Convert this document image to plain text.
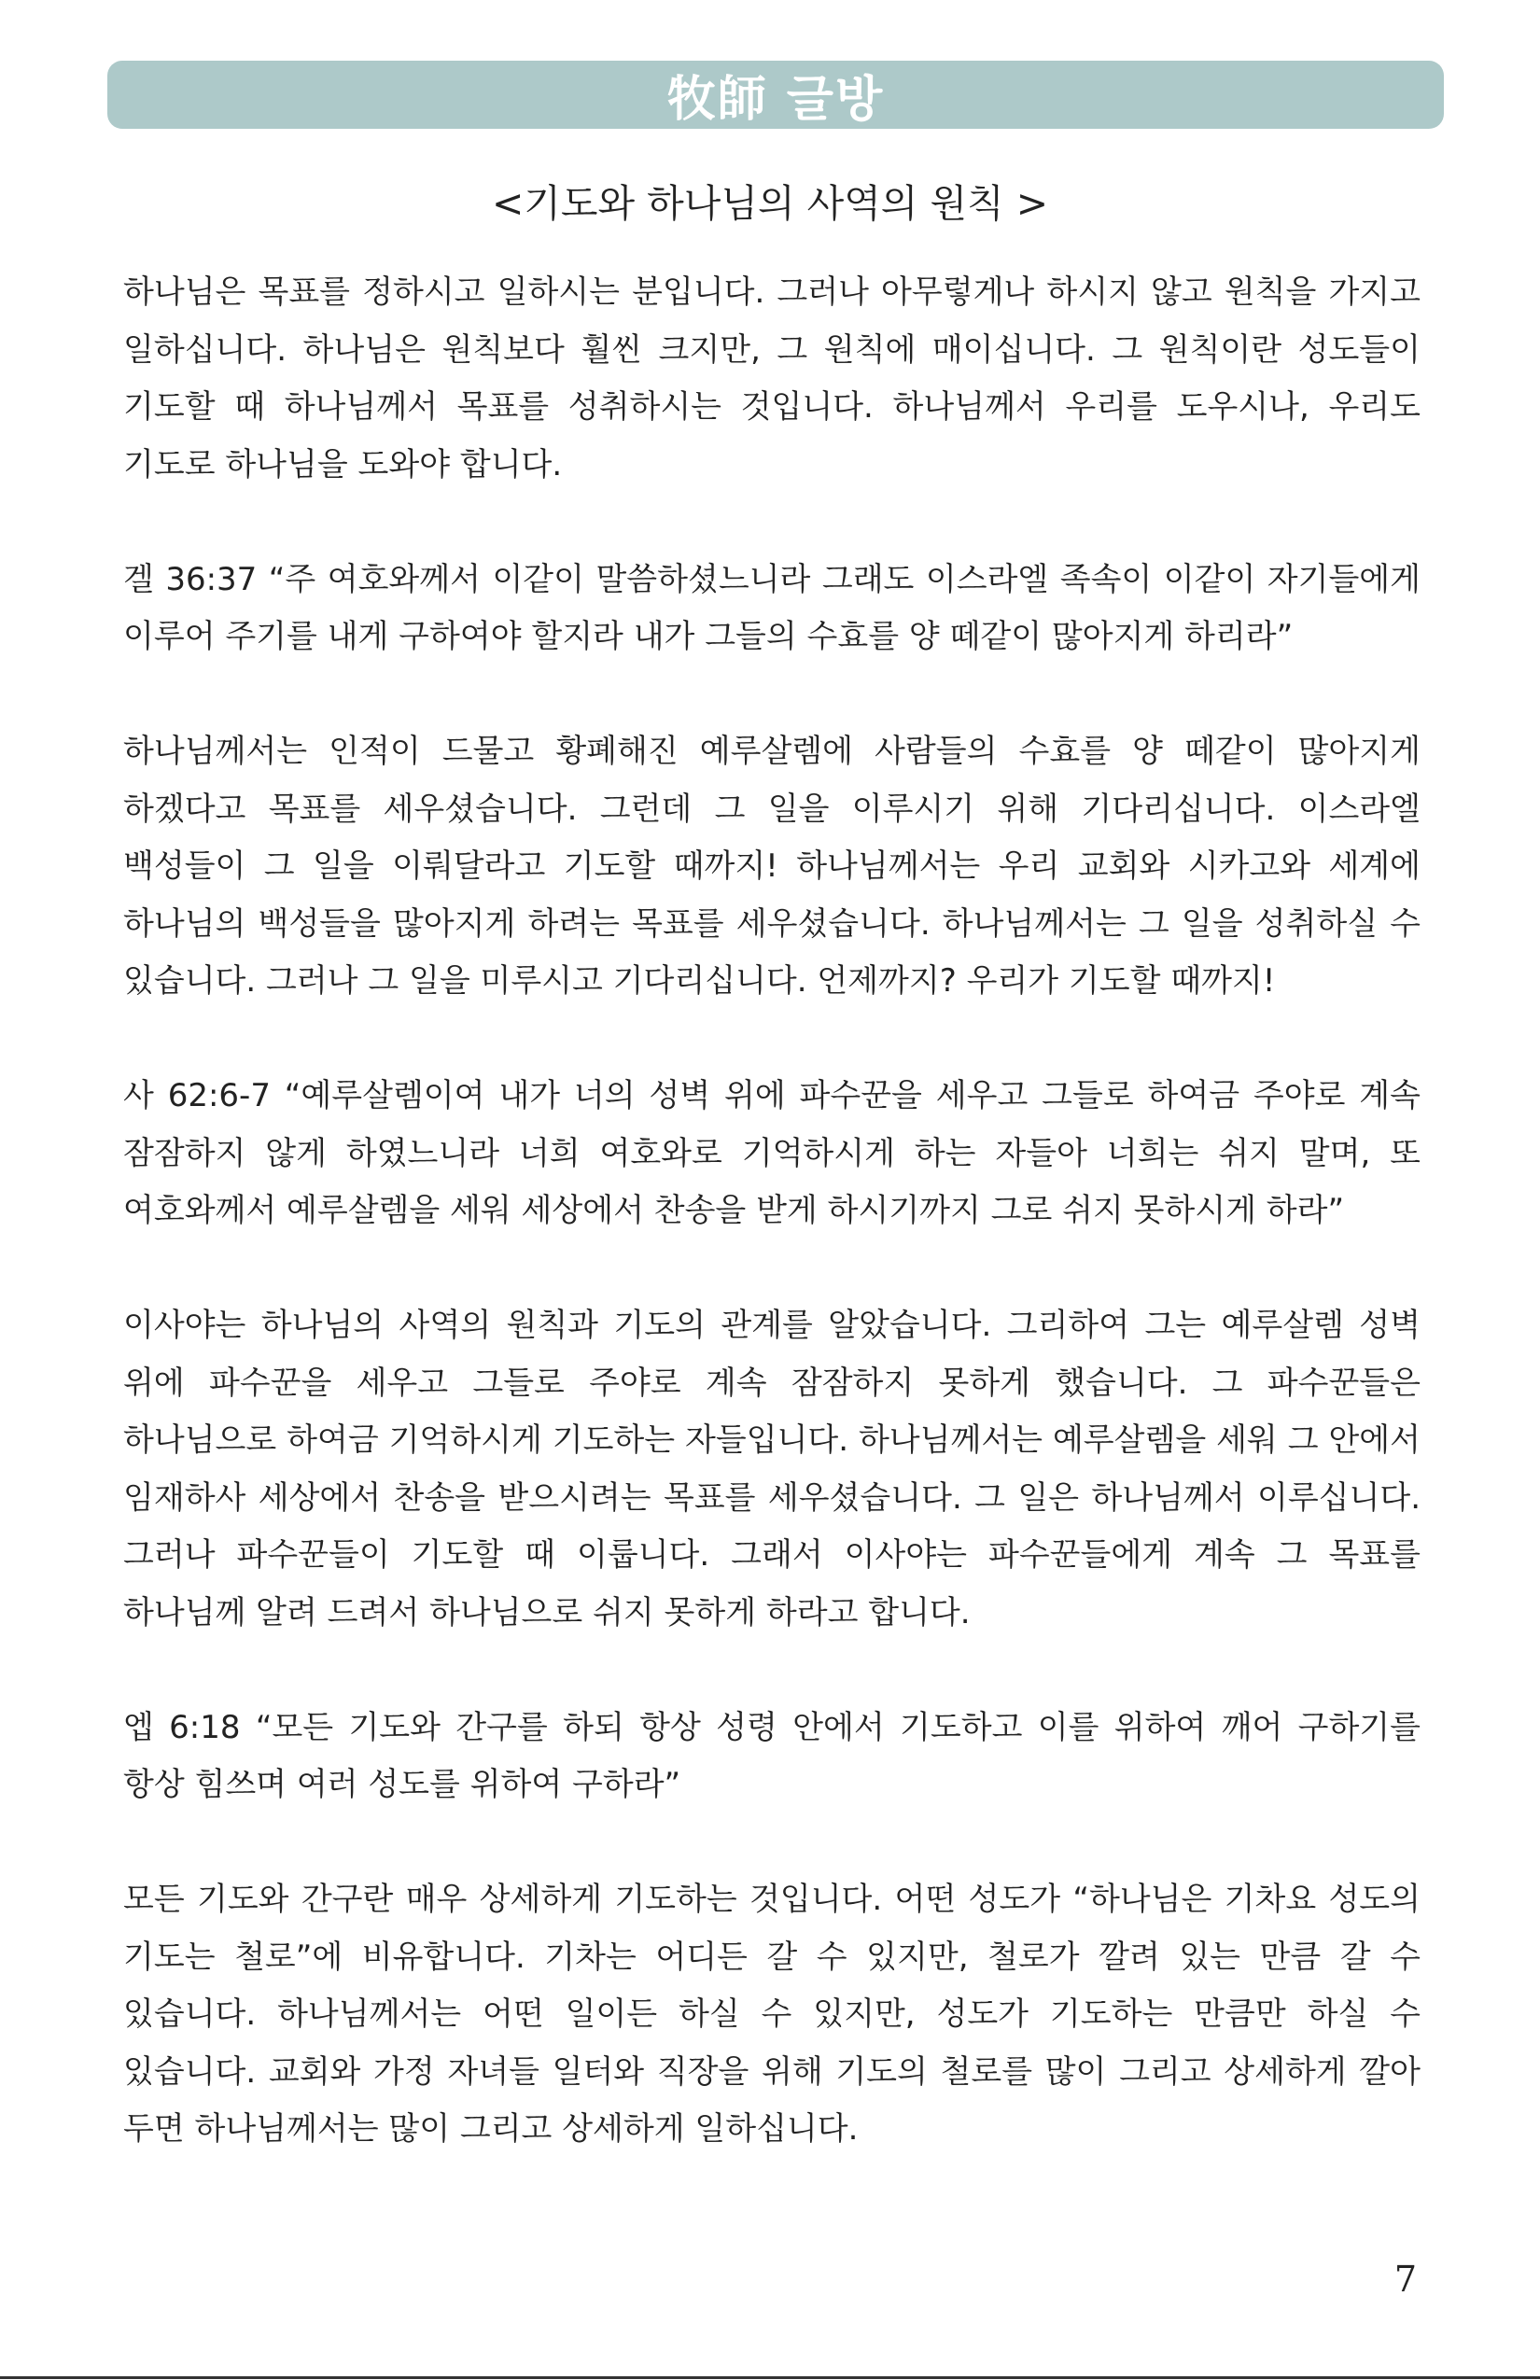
牧師 글방
<기도와 하나님의 사역의 원칙 >

하나님은 목표를 정하시고 일하시는 분입니다. 그러나 아무렇게나 하시지 않고 원칙을 가지고 일하십니다. 하나님은 원칙보다 훨씬 크지만, 그 원칙에 매이십니다. 그 원칙이란 성도들이 기도할 때 하나님께서 목표를 성취하시는 것입니다. 하나님께서 우리를 도우시나, 우리도 기도로 하나님을 도와야 합니다.

겔 36:37 “주 여호와께서 이같이 말씀하셨느니라 그래도 이스라엘 족속이 이같이 자기들에게 이루어 주기를 내게 구하여야 할지라 내가 그들의 수효를 양 떼같이 많아지게 하리라”

하나님께서는 인적이 드물고 황폐해진 예루살렘에 사람들의 수효를 양 떼같이 많아지게 하겠다고 목표를 세우셨습니다. 그런데 그 일을 이루시기 위해 기다리십니다. 이스라엘 백성들이 그 일을 이뤄달라고 기도할 때까지! 하나님께서는 우리 교회와 시카고와 세계에 하나님의 백성들을 많아지게 하려는 목표를 세우셨습니다. 하나님께서는 그 일을 성취하실 수 있습니다. 그러나 그 일을 미루시고 기다리십니다. 언제까지? 우리가 기도할 때까지!

사 62:6-7 “예루살렘이여 내가 너의 성벽 위에 파수꾼을 세우고 그들로 하여금 주야로 계속 잠잠하지 않게 하였느니라 너희 여호와로 기억하시게 하는 자들아 너희는 쉬지 말며, 또 여호와께서 예루살렘을 세워 세상에서 찬송을 받게 하시기까지 그로 쉬지 못하시게 하라”

이사야는 하나님의 사역의 원칙과 기도의 관계를 알았습니다. 그리하여 그는 예루살렘 성벽 위에 파수꾼을 세우고 그들로 주야로 계속 잠잠하지 못하게 했습니다. 그 파수꾼들은 하나님으로 하여금 기억하시게 기도하는 자들입니다. 하나님께서는 예루살렘을 세워 그 안에서 임재하사 세상에서 찬송을 받으시려는 목표를 세우셨습니다. 그 일은 하나님께서 이루십니다. 그러나 파수꾼들이 기도할 때 이룹니다. 그래서 이사야는 파수꾼들에게 계속 그 목표를 하나님께 알려 드려서 하나님으로 쉬지 못하게 하라고 합니다.

엡 6:18 “모든 기도와 간구를 하되 항상 성령 안에서 기도하고 이를 위하여 깨어 구하기를 항상 힘쓰며 여러 성도를 위하여 구하라”

모든 기도와 간구란 매우 상세하게 기도하는 것입니다. 어떤 성도가 “하나님은 기차요 성도의 기도는 철로”에 비유합니다. 기차는 어디든 갈 수 있지만, 철로가 깔려 있는 만큼 갈 수 있습니다. 하나님께서는 어떤 일이든 하실 수 있지만, 성도가 기도하는 만큼만 하실 수 있습니다. 교회와 가정 자녀들 일터와 직장을 위해 기도의 철로를 많이 그리고 상세하게 깔아 두면 하나님께서는 많이 그리고 상세하게 일하십니다.

7
